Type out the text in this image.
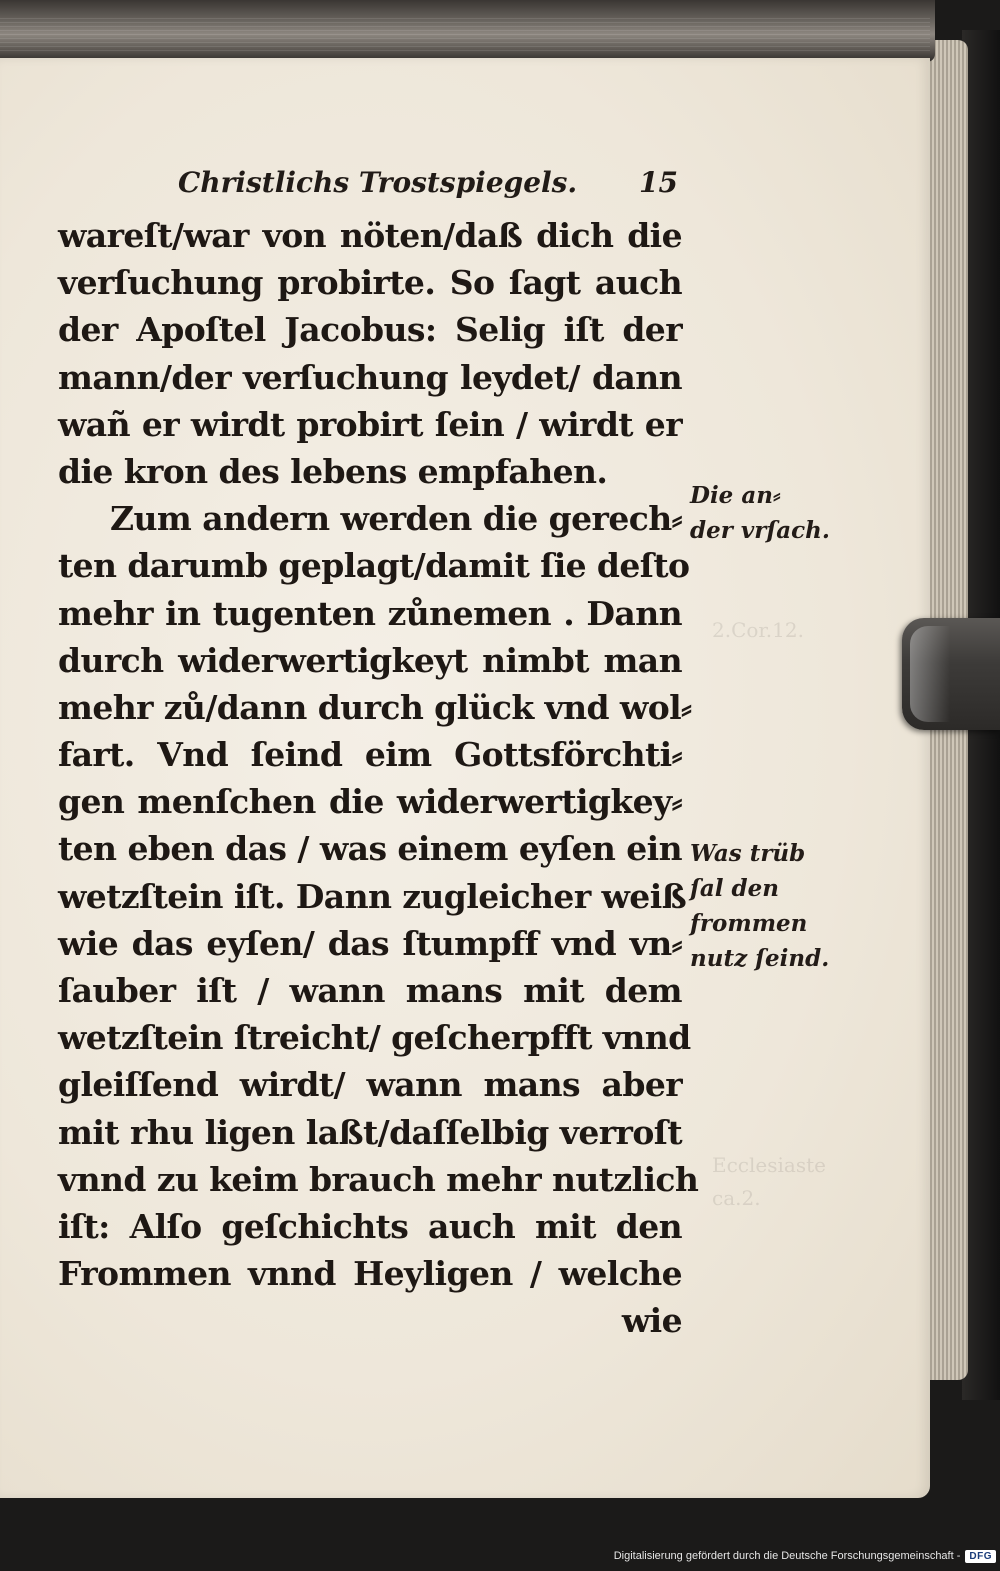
2.Cor.12.
Ecclesiaste
ca.2.
Christlichs Trostspiegels. 15
wareſt/war von nöten/daß dich die
verſuchung probirte. So ſagt auch
der Apoſtel Jacobus: Selig iſt der
mann/der verſuchung leydet/ dann
wañ er wirdt probirt ſein / wirdt er
die kron des lebens empfahen.
Zum andern werden die gerech⸗
ten darumb geplagt/damit ſie deſto
mehr in tugenten zůnemen . Dann
durch widerwertigkeyt nimbt man
mehr zů/dann durch glück vnd wol⸗
fart. Vnd ſeind eim Gottsförchti⸗
gen menſchen die widerwertigkey⸗
ten eben das / was einem eyſen ein
wetzſtein iſt. Dann zugleicher weiß
wie das eyſen/ das ſtumpff vnd vn⸗
ſauber iſt / wann mans mit dem
wetzſtein ſtreicht/ geſcherpfft vnnd
gleiſſend wirdt/ wann mans aber
mit rhu ligen laßt/daſſelbig verroſt
vnnd zu keim brauch mehr nutzlich
iſt: Alſo geſchichts auch mit den
Frommen vnnd Heyligen / welche
wie
Die an⸗
der vrſach.
Was trüb
ſal den
frommen
nutz ſeind.
Digitalisierung gefördert durch die Deutsche Forschungsgemeinschaft - DFG
